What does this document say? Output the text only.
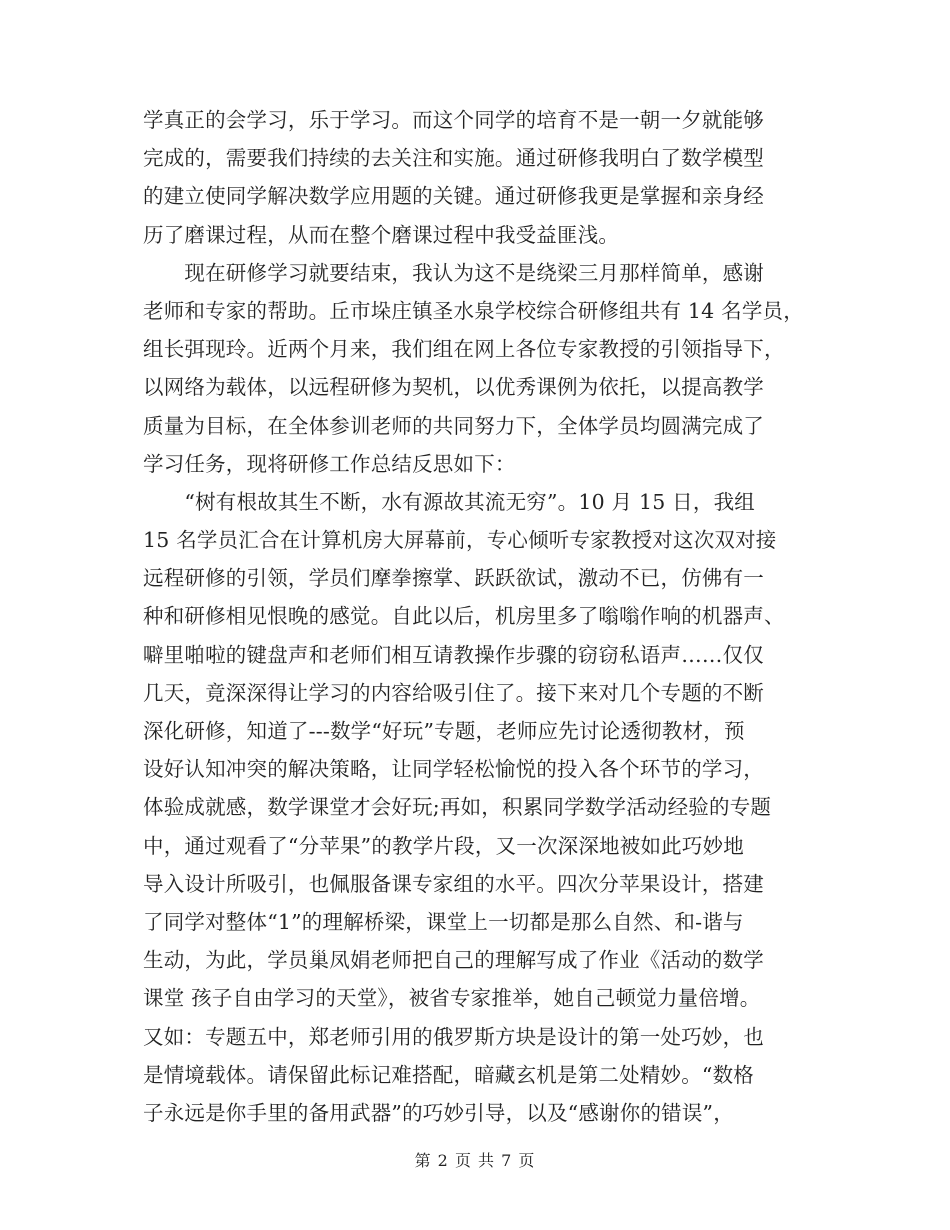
学真正的会学习，乐于学习。而这个同学的培育不是一朝一夕就能够
完成的，需要我们持续的去关注和实施。通过研修我明白了数学模型
的建立使同学解决数学应用题的关键。通过研修我更是掌握和亲身经
历了磨课过程，从而在整个磨课过程中我受益匪浅。
　　现在研修学习就要结束，我认为这不是绕梁三月那样简单，感谢
老师和专家的帮助。丘市垛庄镇圣水泉学校综合研修组共有 14 名学员，
组长弭现玲。近两个月来，我们组在网上各位专家教授的引领指导下，
以网络为载体，以远程研修为契机，以优秀课例为依托，以提高教学
质量为目标，在全体参训老师的共同努力下，全体学员均圆满完成了
学习任务，现将研修工作总结反思如下：
　　“树有根故其生不断，水有源故其流无穷”。10 月 15 日，我组
15 名学员汇合在计算机房大屏幕前，专心倾听专家教授对这次双对接
远程研修的引领，学员们摩拳擦掌、跃跃欲试，激动不已，仿佛有一
种和研修相见恨晚的感觉。自此以后，机房里多了嗡嗡作响的机器声、
噼里啪啦的键盘声和老师们相互请教操作步骤的窃窃私语声……仅仅
几天，竟深深得让学习的内容给吸引住了。接下来对几个专题的不断
深化研修，知道了---数学“好玩”专题，老师应先讨论透彻教材，预
设好认知冲突的解决策略，让同学轻松愉悦的投入各个环节的学习，
体验成就感，数学课堂才会好玩;再如，积累同学数学活动经验的专题
中，通过观看了“分苹果”的教学片段，又一次深深地被如此巧妙地
导入设计所吸引，也佩服备课专家组的水平。四次分苹果设计，搭建
了同学对整体“1”的理解桥梁，课堂上一切都是那么自然、和-谐与
生动，为此，学员巢凤娟老师把自己的理解写成了作业《活动的数学
课堂 孩子自由学习的天堂》，被省专家推举，她自己顿觉力量倍增。
又如：专题五中，郑老师引用的俄罗斯方块是设计的第一处巧妙，也
是情境载体。请保留此标记难搭配，暗藏玄机是第二处精妙。“数格
子永远是你手里的备用武器”的巧妙引导，以及“感谢你的错误”，
第 2 页 共 7 页
